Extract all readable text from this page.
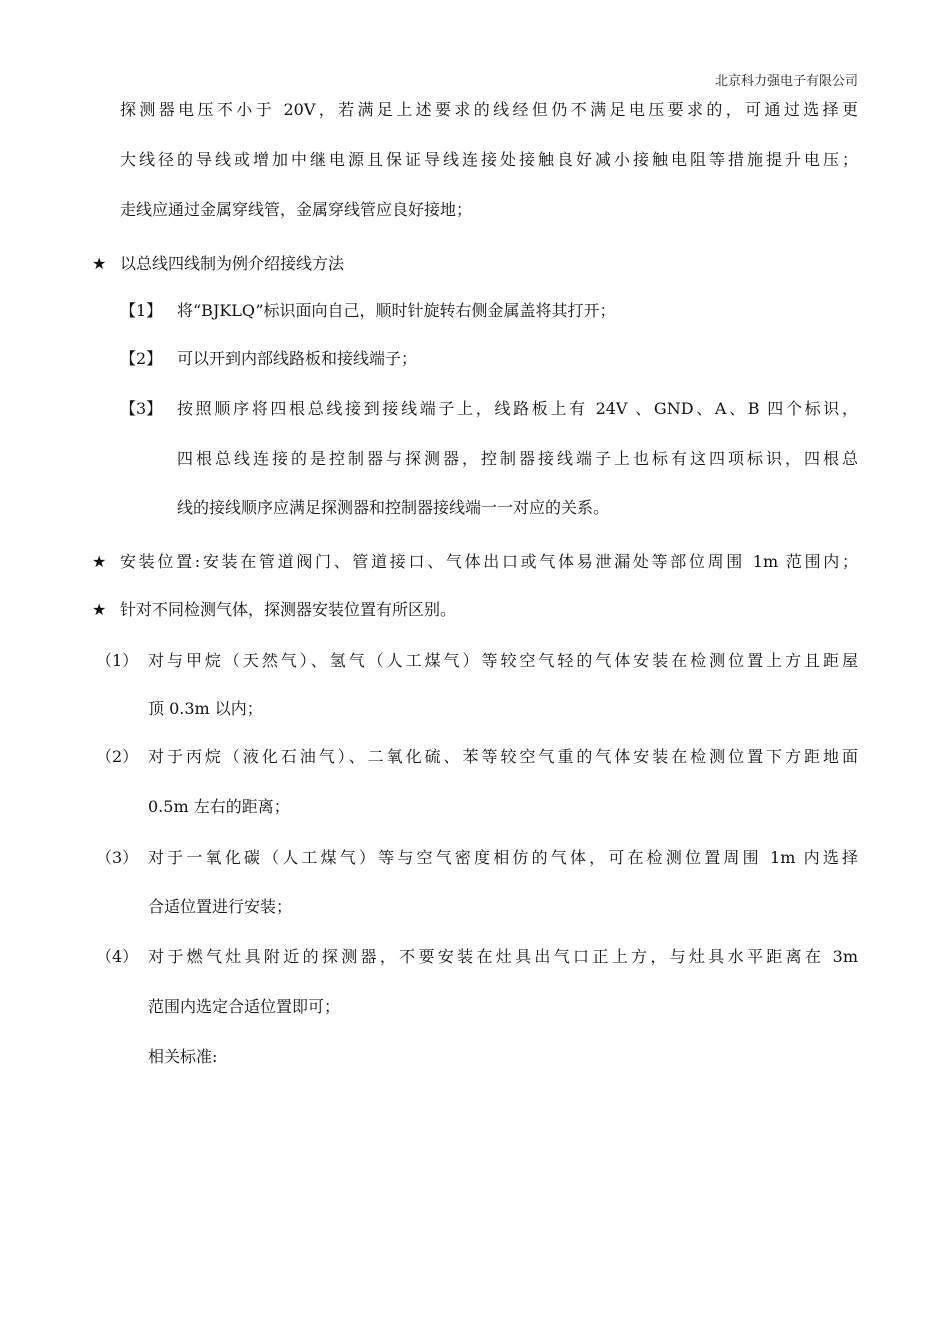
北京科力强电子有限公司
探测器电压不小于 20V，若满足上述要求的线经但仍不满足电压要求的，可通过选择更
大线径的导线或增加中继电源且保证导线连接处接触良好减小接触电阻等措施提升电压；
走线应通过金属穿线管，金属穿线管应良好接地；
★ 以总线四线制为例介绍接线方法
【1】 将“BJKLQ”标识面向自己，顺时针旋转右侧金属盖将其打开；
【2】 可以开到内部线路板和接线端子；
【3】 按照顺序将四根总线接到接线端子上，线路板上有 24V 、GND、A、B 四个标识，
四根总线连接的是控制器与探测器，控制器接线端子上也标有这四项标识，四根总
线的接线顺序应满足探测器和控制器接线端一一对应的关系。
★ 安装位置:安装在管道阀门、管道接口、气体出口或气体易泄漏处等部位周围 1m 范围内；
★ 针对不同检测气体，探测器安装位置有所区别。
（1） 对与甲烷（天然气）、氢气（人工煤气）等较空气轻的气体安装在检测位置上方且距屋
顶 0.3m 以内；
（2） 对于丙烷（液化石油气）、二氧化硫、苯等较空气重的气体安装在检测位置下方距地面
0.5m 左右的距离；
（3） 对于一氧化碳（人工煤气）等与空气密度相仿的气体，可在检测位置周围 1m 内选择
合适位置进行安装；
（4） 对于燃气灶具附近的探测器，不要安装在灶具出气口正上方，与灶具水平距离在 3m
范围内选定合适位置即可；
相关标准:
